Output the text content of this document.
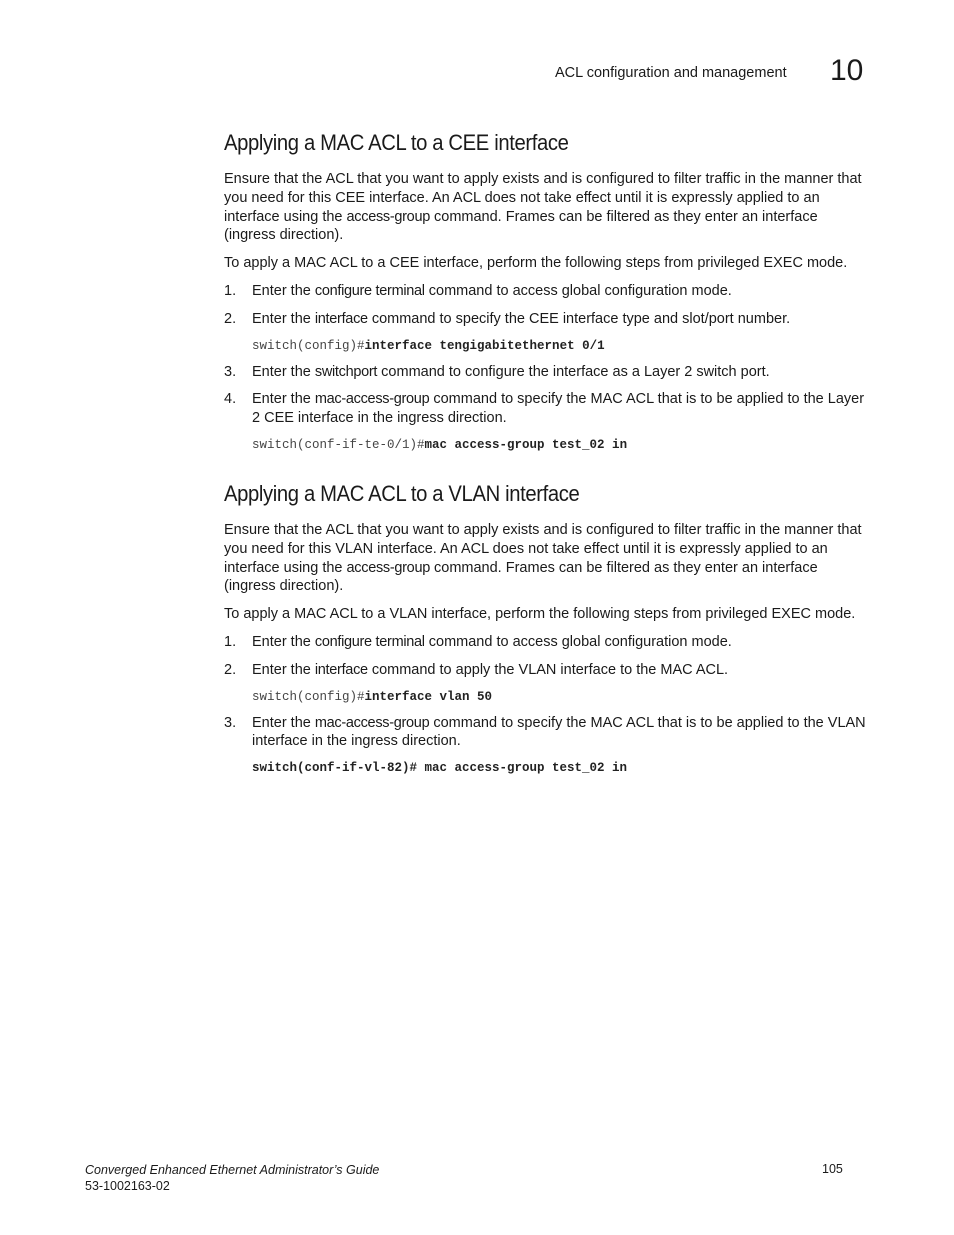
ACL configuration and management 10
Applying a MAC ACL to a CEE interface

Ensure that the ACL that you want to apply exists and is configured to filter traffic in the manner that you need for this CEE interface. An ACL does not take effect until it is expressly applied to an interface using the access-group command. Frames can be filtered as they enter an interface (ingress direction).

To apply a MAC ACL to a CEE interface, perform the following steps from privileged EXEC mode.

1. Enter the configure terminal command to access global configuration mode.
2. Enter the interface command to specify the CEE interface type and slot/port number.
switch(config)#interface tengigabitethernet 0/1
3. Enter the switchport command to configure the interface as a Layer 2 switch port.
4. Enter the mac-access-group command to specify the MAC ACL that is to be applied to the Layer 2 CEE interface in the ingress direction.
switch(conf-if-te-0/1)#mac access-group test_02 in
Applying a MAC ACL to a VLAN interface

Ensure that the ACL that you want to apply exists and is configured to filter traffic in the manner that you need for this VLAN interface. An ACL does not take effect until it is expressly applied to an interface using the access-group command. Frames can be filtered as they enter an interface (ingress direction).

To apply a MAC ACL to a VLAN interface, perform the following steps from privileged EXEC mode.

1. Enter the configure terminal command to access global configuration mode.
2. Enter the interface command to apply the VLAN interface to the MAC ACL.
switch(config)#interface vlan 50
3. Enter the mac-access-group command to specify the MAC ACL that is to be applied to the VLAN interface in the ingress direction.
switch(conf-if-vl-82)# mac access-group test_02 in
Converged Enhanced Ethernet Administrator’s Guide
53-1002163-02
105
